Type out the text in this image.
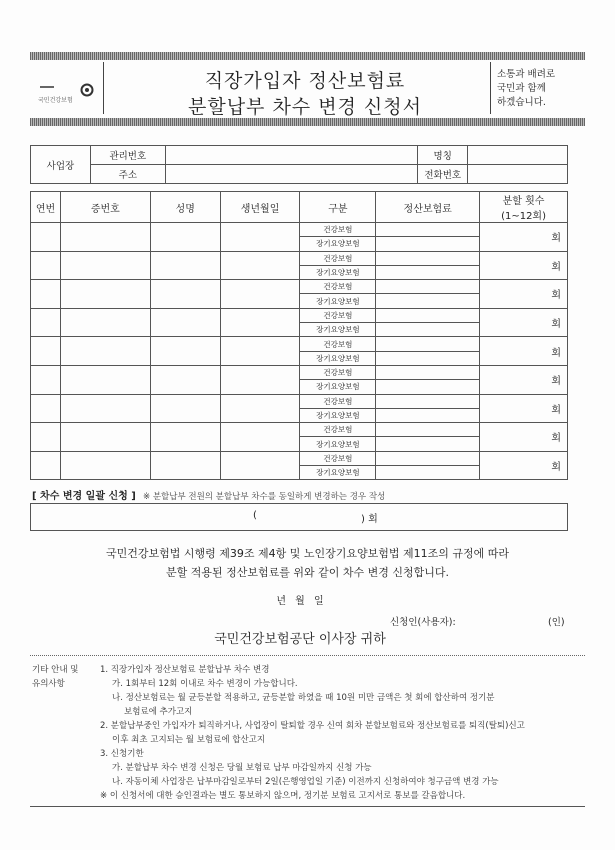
국민건강보험
직장가입자 정산보험료
분할납부 차수 변경 신청서
소통과 배려로
국민과 함께
하겠습니다.
사업장	관리번호		명칭	
	주소		전화번호	
연번	증번호	성명	생년월일	구분	정산보험료	분할 횟수
(1~12회)

				건강보험		회
				장기요양보험		
				건강보험		회
				장기요양보험		
				건강보험		회
				장기요양보험		
				건강보험		회
				장기요양보험		
				건강보험		회
				장기요양보험		
				건강보험		회
				장기요양보험		
				건강보험		회
				장기요양보험		
				건강보험		회
				장기요양보험		
				건강보험		회
				장기요양보험		
[ 차수 변경 일괄 신청 ] ※ 분할납부 전원의 분할납부 차수를 동일하게 변경하는 경우 작성
(	) 회
국민건강보험법 시행령 제39조 제4항 및 노인장기요양보험법 제11조의 규정에 따라
분할 적용된 정산보험료를 위와 같이 차수 변경 신청합니다.
년 월 일
신청인(사용자):	(인)
국민건강보험공단 이사장 귀하
기타 안내 및
유의사항
1. 직장가입자 정산보험료 분할납부 차수 변경
가. 1회부터 12회 이내로 차수 변경이 가능합니다.
나. 정산보험료는 월 균등분할 적용하고, 균등분할 하였을 때 10원 미만 금액은 첫 회에 합산하여 정기분
보험료에 추가고지
2. 분할납부중인 가입자가 퇴직하거나, 사업장이 탈퇴할 경우 신여 회차 분할보험료와 정산보험료를 퇴직(탈퇴)신고
이후 최초 고지되는 월 보험료에 합산고지
3. 신청기한
가. 분할납부 차수 변경 신청은 당월 보험료 납부 마감일까지 신청 가능
나. 자동이체 사업장은 납부마감일로부터 2일(은행영업일 기준) 이전까지 신청하여야 청구금액 변경 가능
※ 이 신청서에 대한 승인결과는 별도 통보하지 않으며, 정기분 보험료 고지서로 통보를 갈음합니다.
